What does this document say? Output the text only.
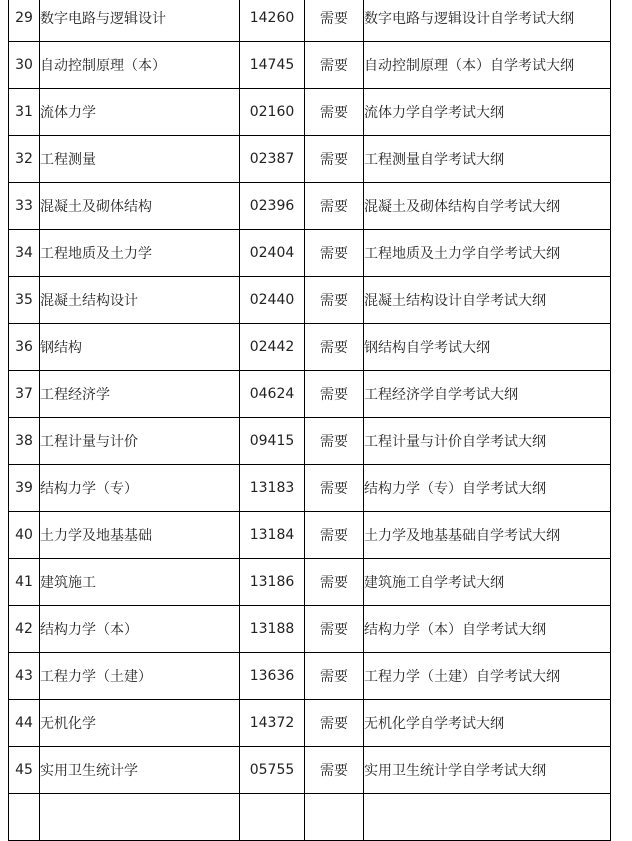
29	数字电路与逻辑设计	14260	需要	数字电路与逻辑设计自学考试大纲
30	自动控制原理（本）	14745	需要	自动控制原理（本）自学考试大纲
31	流体力学	02160	需要	流体力学自学考试大纲
32	工程测量	02387	需要	工程测量自学考试大纲
33	混凝土及砌体结构	02396	需要	混凝土及砌体结构自学考试大纲
34	工程地质及土力学	02404	需要	工程地质及土力学自学考试大纲
35	混凝土结构设计	02440	需要	混凝土结构设计自学考试大纲
36	钢结构	02442	需要	钢结构自学考试大纲
37	工程经济学	04624	需要	工程经济学自学考试大纲
38	工程计量与计价	09415	需要	工程计量与计价自学考试大纲
39	结构力学（专）	13183	需要	结构力学（专）自学考试大纲
40	土力学及地基基础	13184	需要	土力学及地基基础自学考试大纲
41	建筑施工	13186	需要	建筑施工自学考试大纲
42	结构力学（本）	13188	需要	结构力学（本）自学考试大纲
43	工程力学（土建）	13636	需要	工程力学（土建）自学考试大纲
44	无机化学	14372	需要	无机化学自学考试大纲
45	实用卫生统计学	05755	需要	实用卫生统计学自学考试大纲
